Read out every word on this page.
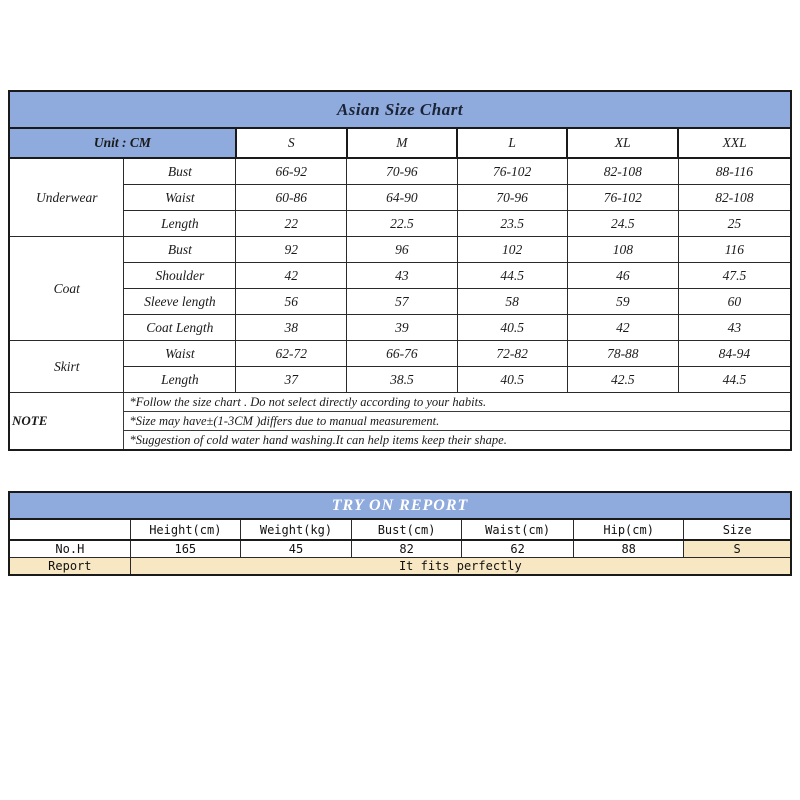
Asian Size Chart						
Unit : CM		S	M	L	XL	XXL
Underwear	Bust	66-92	70-96	76-102	82-108	88-116
	Waist	60-86	64-90	70-96	76-102	82-108
	Length	22	22.5	23.5	24.5	25
Coat	Bust	92	96	102	108	116
	Shoulder	42	43	44.5	46	47.5
	Sleeve length	56	57	58	59	60
	Coat Length	38	39	40.5	42	43
Skirt	Waist	62-72	66-76	72-82	78-88	84-94
	Length	37	38.5	40.5	42.5	44.5
NOTE	*Follow the size chart . Do not select directly according to your habits.					
	*Size may have±(1-3CM )differs due to manual measurement.					
	*Suggestion of cold water hand washing.It can help items keep their shape.					
TRY ON REPORT						
	Height(cm)	Weight(kg)	Bust(cm)	Waist(cm)	Hip(cm)	Size
No.H	165	45	82	62	88	S
Report	It fits perfectly					
